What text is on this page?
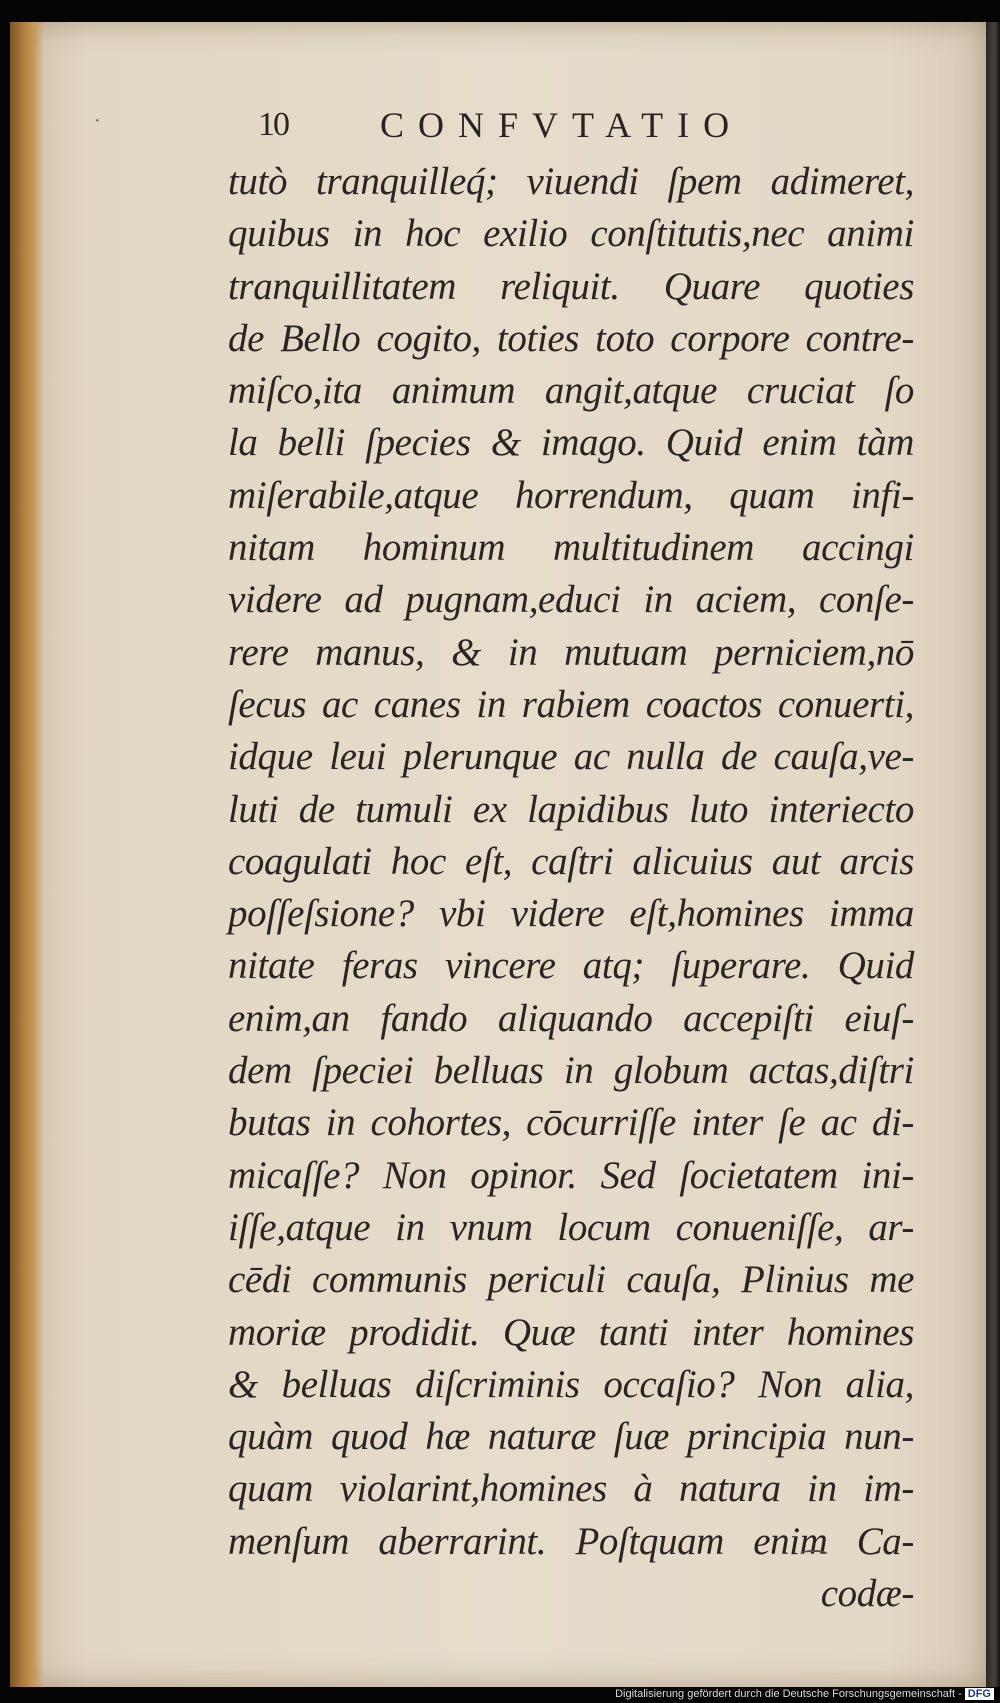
·	10	CONFVTATIO
tutò tranquilleq́; viuendi ſpem adimeret,
quibus in hoc exilio conſtitutis,nec animi
tranquillitatem reliquit. Quare quoties
de Bello cogito, toties toto corpore contre-
miſco,ita animum angit,atque cruciat ſo
la belli ſpecies & imago. Quid enim tàm
miſerabile,atque horrendum, quam infi-
nitam hominum multitudinem accingi
videre ad pugnam,educi in aciem, conſe-
rere manus, & in mutuam perniciem,nō
ſecus ac canes in rabiem coactos conuerti,
idque leui plerunque ac nulla de cauſa,ve-
luti de tumuli ex lapidibus luto interiecto
coagulati hoc eſt, caſtri alicuius aut arcis
poſſeſsione? vbi videre eſt,homines imma
nitate feras vincere atq; ſuperare. Quid
enim,an fando aliquando accepiſti eiuſ-
dem ſpeciei belluas in globum actas,diſtri
butas in cohortes, cōcurriſſe inter ſe ac di-
micaſſe? Non opinor. Sed ſocietatem ini-
iſſe,atque in vnum locum conueniſſe, ar-
cēdi communis periculi cauſa, Plinius me
moriæ prodidit. Quæ tanti inter homines
& belluas diſcriminis occaſio? Non alia,
quàm quod hæ naturæ ſuæ principia nun-
quam violarint,homines à natura in im-
menſum aberrarint. Poſtquam enim Ca-
codæ-
Digitalisierung gefördert durch die Deutsche Forschungsgemeinschaft - DFG
